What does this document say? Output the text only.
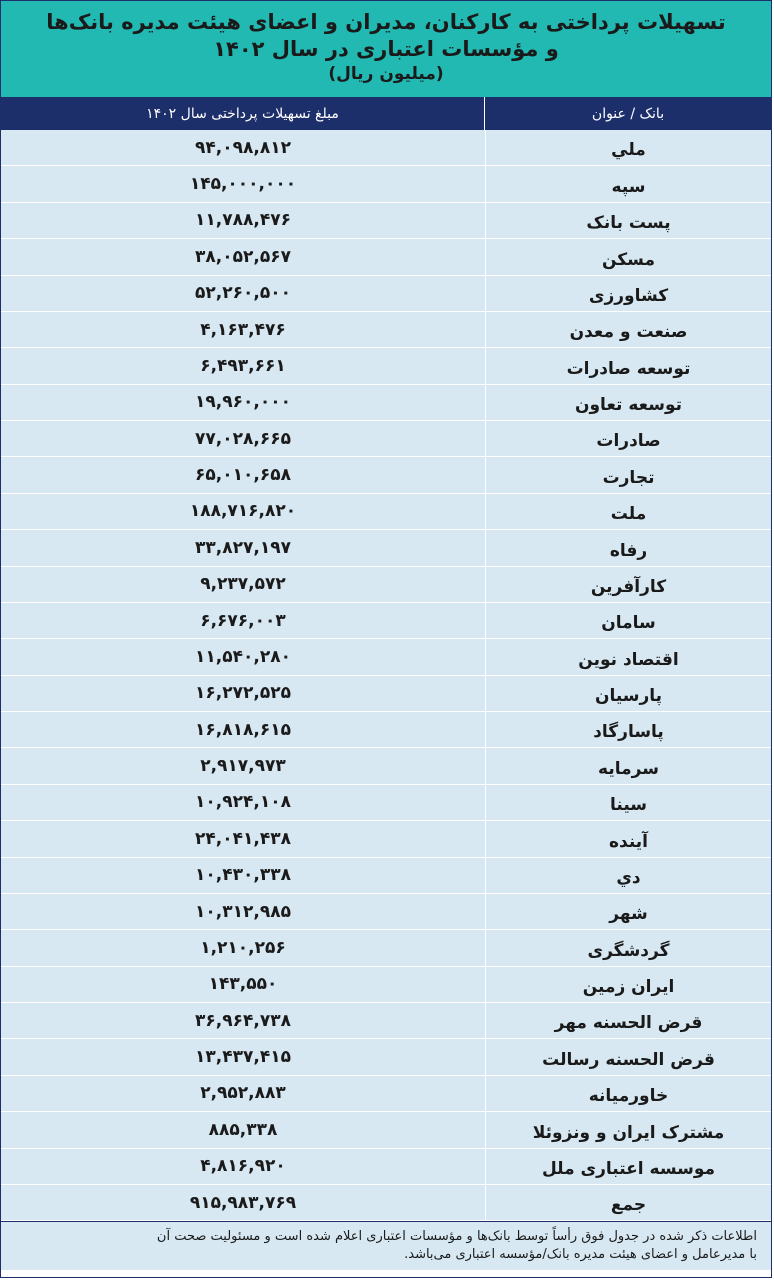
تسهیلات پرداختی به کارکنان، مدیران و اعضای هیئت مدیره بانک‌ها
و مؤسسات اعتباری در سال ۱۴۰۲
(میلیون ریال)
بانک / عنوان
مبلغ تسهیلات پرداختی سال ۱۴۰۲
ملي
۹۴,۰۹۸,۸۱۲
سپه
۱۴۵,۰۰۰,۰۰۰
پست بانک
۱۱,۷۸۸,۴۷۶
مسکن
۳۸,۰۵۲,۵۶۷
کشاورزی
۵۲,۲۶۰,۵۰۰
صنعت و معدن
۴,۱۶۳,۴۷۶
توسعه صادرات
۶,۴۹۳,۶۶۱
توسعه تعاون
۱۹,۹۶۰,۰۰۰
صادرات
۷۷,۰۲۸,۶۶۵
تجارت
۶۵,۰۱۰,۶۵۸
ملت
۱۸۸,۷۱۶,۸۲۰
رفاه
۳۳,۸۲۷,۱۹۷
کارآفرین
۹,۲۳۷,۵۷۲
سامان
۶,۶۷۶,۰۰۳
اقتصاد نوین
۱۱,۵۴۰,۲۸۰
پارسیان
۱۶,۲۷۲,۵۲۵
پاسارگاد
۱۶,۸۱۸,۶۱۵
سرمایه
۲,۹۱۷,۹۷۳
سینا
۱۰,۹۲۴,۱۰۸
آینده
۲۴,۰۴۱,۴۳۸
دي
۱۰,۴۳۰,۳۳۸
شهر
۱۰,۳۱۲,۹۸۵
گردشگری
۱,۲۱۰,۲۵۶
ایران زمین
۱۴۳,۵۵۰
قرض الحسنه مهر
۳۶,۹۶۴,۷۳۸
قرض الحسنه رسالت
۱۳,۴۳۷,۴۱۵
خاورمیانه
۲,۹۵۲,۸۸۳
مشترک ایران و ونزوئلا
۸۸۵,۳۳۸
موسسه اعتباری ملل
۴,۸۱۶,۹۲۰
جمع
۹۱۵,۹۸۳,۷۶۹
اطلاعات ذکر شده در جدول فوق رأساً توسط بانک‌ها و مؤسسات اعتباری اعلام شده است و مسئولیت صحت آن
با مدیرعامل و اعضای هیئت مدیره بانک/مؤسسه اعتباری می‌باشد.
